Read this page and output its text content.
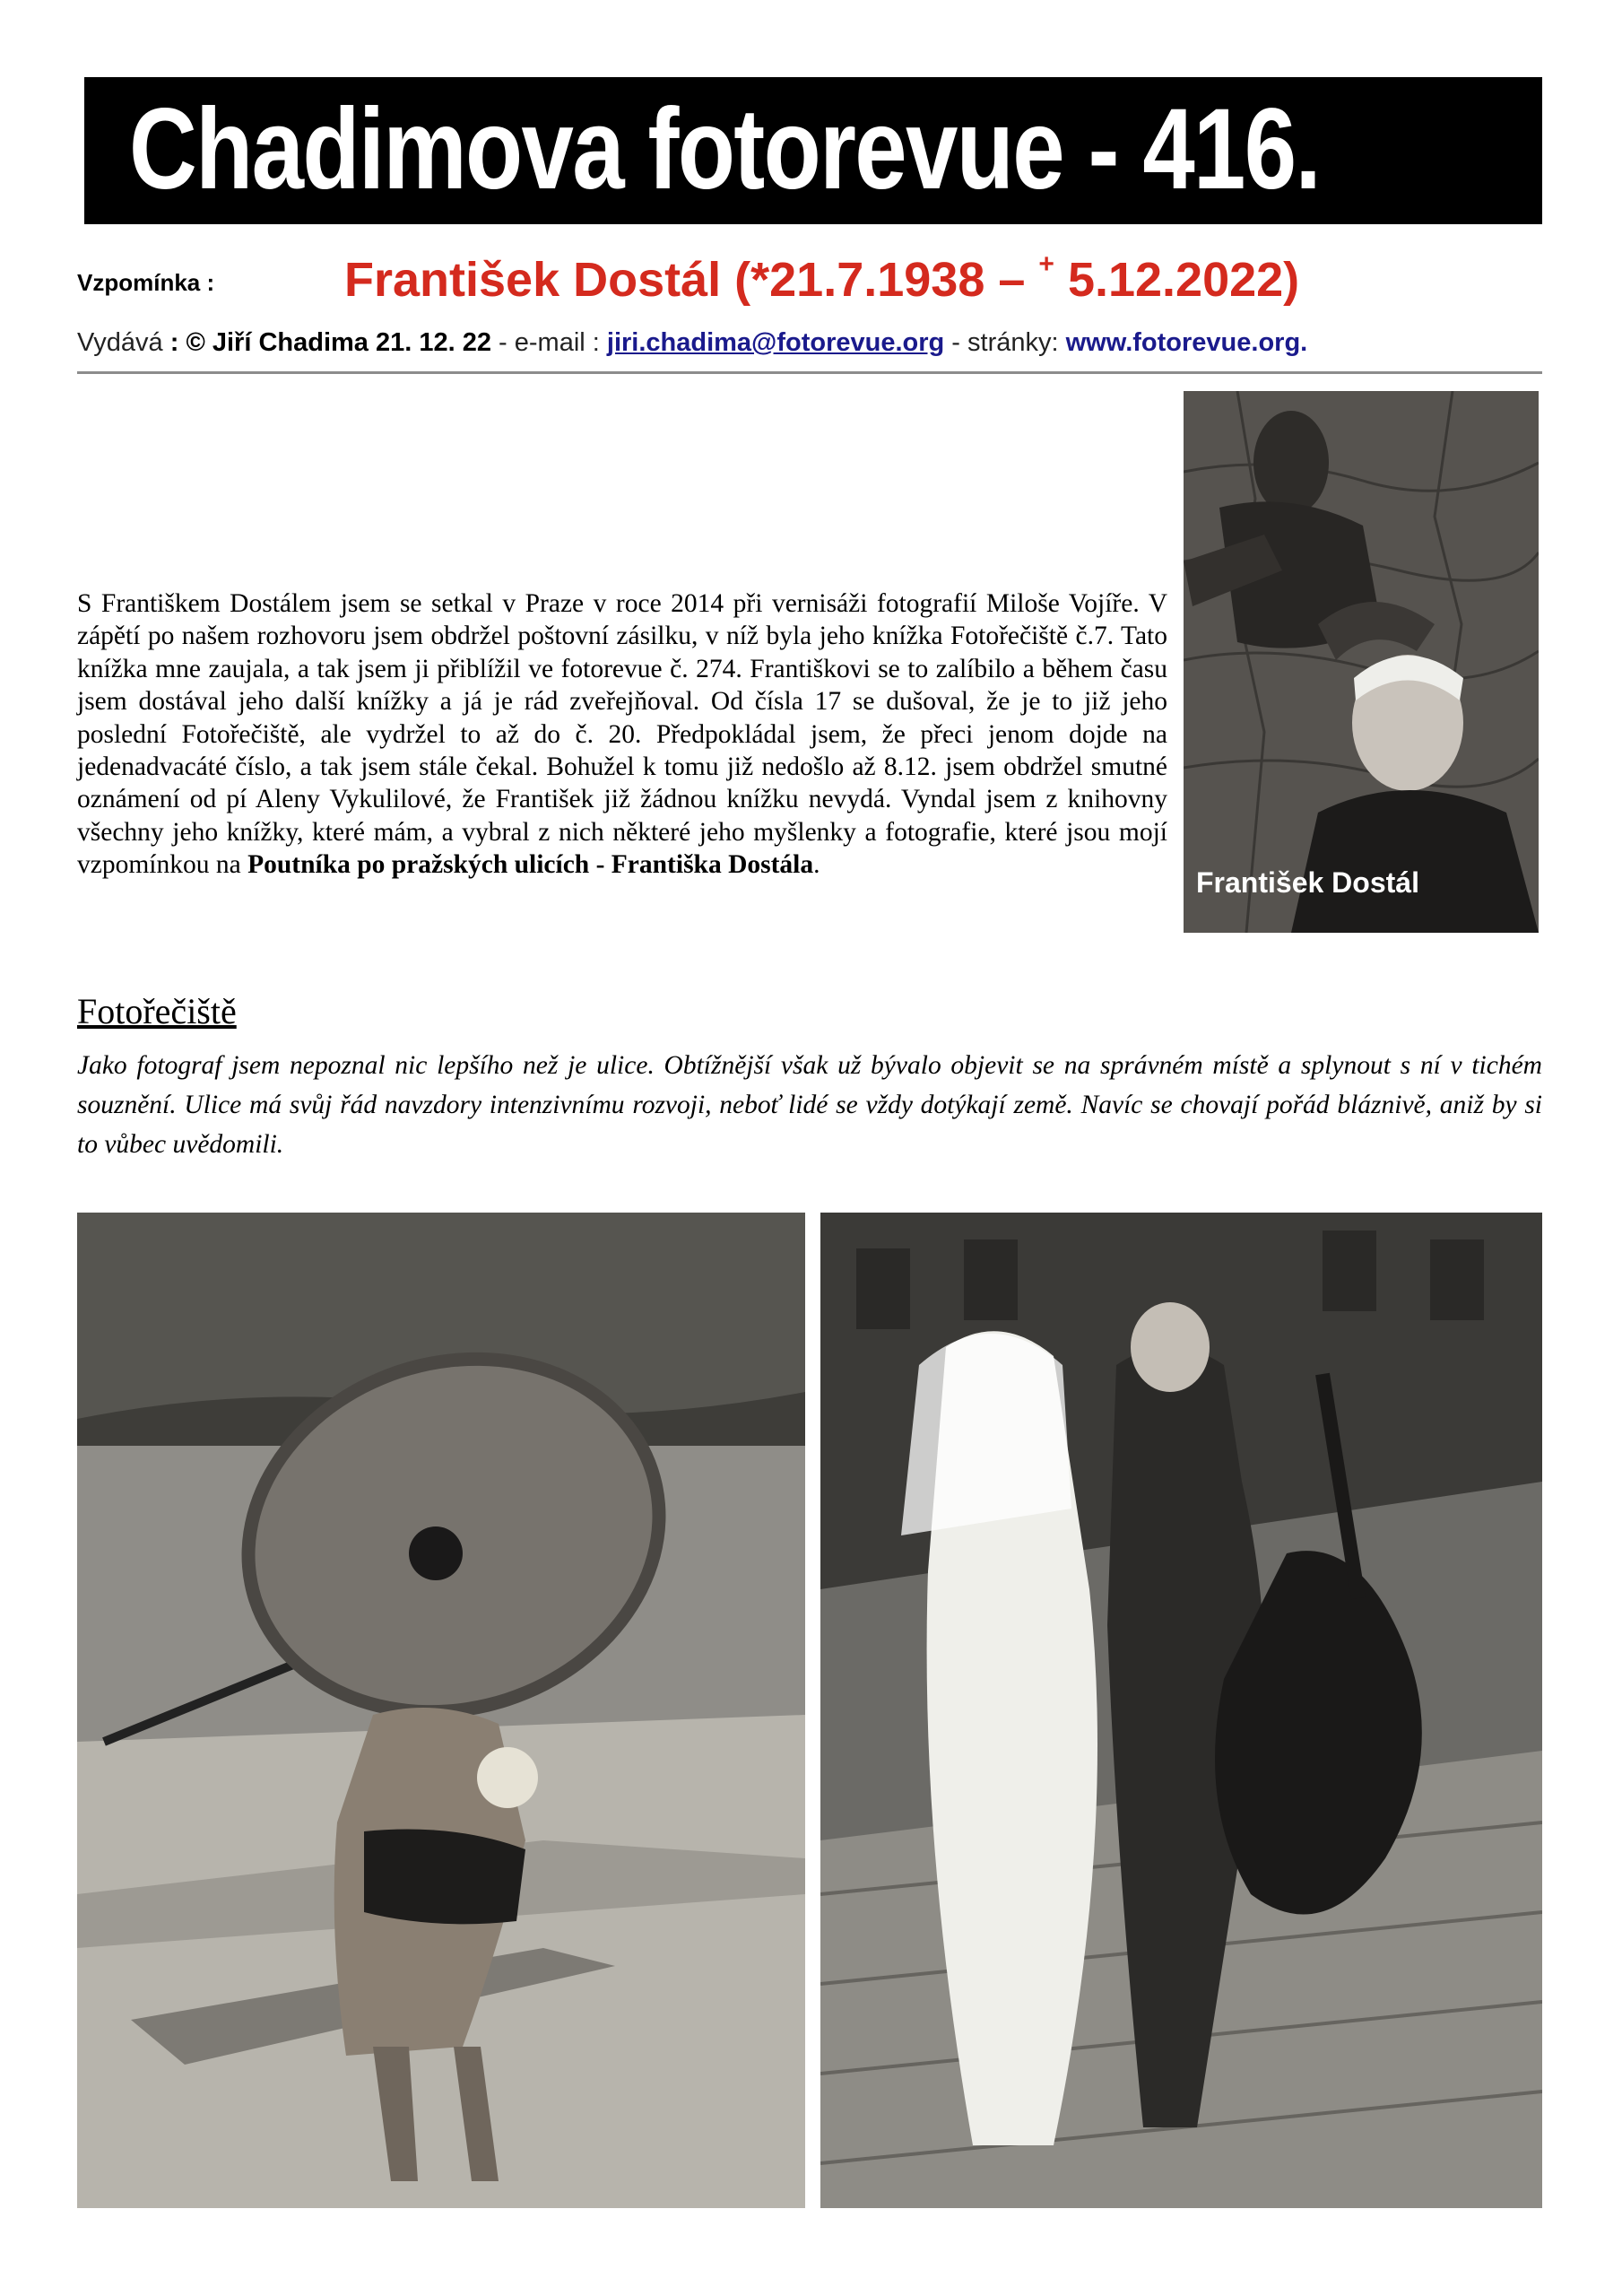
Chadimova fotorevue - 416.
Vzpomínka :	František Dostál (*21.7.1938 – + 5.12.2022)
Vydává : © Jiří Chadima 21. 12. 22 - e-mail : jiri.chadima@fotorevue.org - stránky: www.fotorevue.org.
S Františkem Dostálem jsem se setkal v Praze v roce 2014 při vernisáži fotografií Miloše Vojíře. V zápětí po našem rozhovoru jsem obdržel poštovní zásilku, v níž byla jeho knížka Fotořečiště č.7. Tato knížka mne zaujala, a tak jsem ji přiblížil ve fotorevue č. 274. Františkovi se to zalíbilo a během času jsem dostával jeho další knížky a já je rád zveřejňoval. Od čísla 17 se dušoval, že je to již jeho poslední Fotořečiště, ale vydržel to až do č. 20. Předpokládal jsem, že přeci jenom dojde na jedenadvacáté číslo, a tak jsem stále čekal. Bohužel k tomu již nedošlo až 8.12. jsem obdržel smutné oznámení od pí Aleny Vykulilové, že František již žádnou knížku nevydá. Vyndal jsem z knihovny všechny jeho knížky, které mám, a vybral z nich některé jeho myšlenky a fotografie, které jsou mojí vzpomínkou na Poutníka po pražských ulicích - Františka Dostála.
František Dostál
Fotořečiště
Jako fotograf jsem nepoznal nic lepšího než je ulice. Obtížnější však už bývalo objevit se na správném místě a splynout s ní v tichém souznění. Ulice má svůj řád navzdory intenzivnímu rozvoji, neboť lidé se vždy dotýkají země. Navíc se chovají pořád bláznivě, aniž by si to vůbec uvědomili.
